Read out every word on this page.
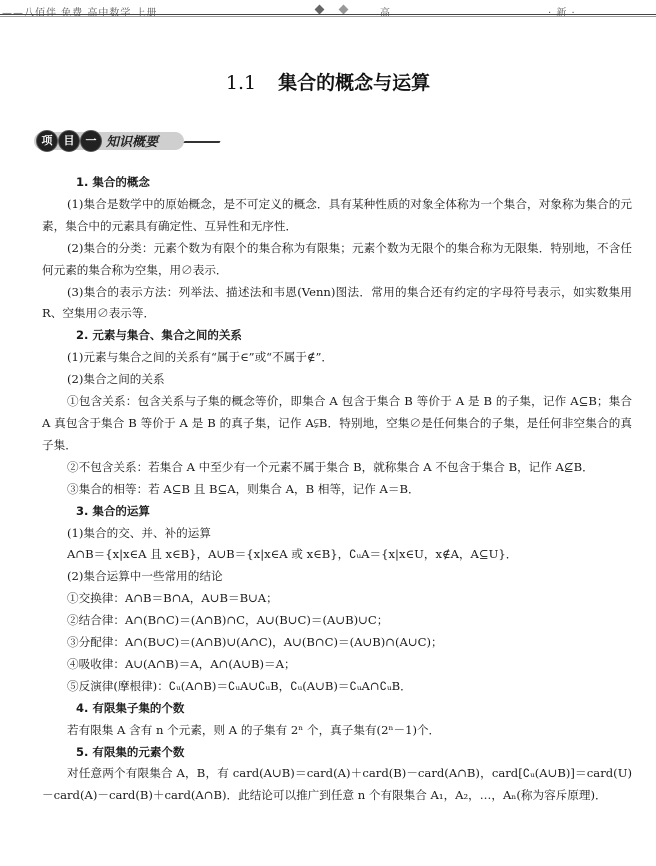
1.1 集合的概念与运算
项	目	一 知识概要

1. 集合的概念

(1)集合是数学中的原始概念，是不可定义的概念．具有某种性质的对象全体称为一个集合，对象称为集合的元素，集合中的元素具有确定性、互异性和无序性．

(2)集合的分类：元素个数为有限个的集合称为有限集；元素个数为无限个的集合称为无限集．特别地，不含任何元素的集合称为空集，用∅表示．

(3)集合的表示方法：列举法、描述法和韦恩(Venn)图法．常用的集合还有约定的字母符号表示，如实数集用 R、空集用∅表示等．

2. 元素与集合、集合之间的关系

(1)元素与集合之间的关系有“属于∈”或“不属于∉”．

(2)集合之间的关系

①包含关系：包含关系与子集的概念等价，即集合 A 包含于集合 B 等价于 A 是 B 的子集，记作 A⊆B；集合 A 真包含于集合 B 等价于 A 是 B 的真子集，记作 A⫋B．特别地，空集∅是任何集合的子集，是任何非空集合的真子集．

②不包含关系：若集合 A 中至少有一个元素不属于集合 B，就称集合 A 不包含于集合 B，记作 A⊈B．

③集合的相等：若 A⊆B 且 B⊆A，则集合 A，B 相等，记作 A＝B．

3. 集合的运算

(1)集合的交、并、补的运算

A∩B＝{x|x∈A 且 x∈B}，A∪B＝{x|x∈A 或 x∈B}，∁ᵤA＝{x|x∈U，x∉A，A⊆U}．

(2)集合运算中一些常用的结论

①交换律：A∩B＝B∩A，A∪B＝B∪A；

②结合律：A∩(B∩C)＝(A∩B)∩C，A∪(B∪C)＝(A∪B)∪C；

③分配律：A∩(B∪C)＝(A∩B)∪(A∩C)，A∪(B∩C)＝(A∪B)∩(A∪C)；

④吸收律：A∪(A∩B)＝A，A∩(A∪B)＝A；

⑤反演律(摩根律)：∁ᵤ(A∩B)＝∁ᵤA∪∁ᵤB，∁ᵤ(A∪B)＝∁ᵤA∩∁ᵤB．

4. 有限集子集的个数

若有限集 A 含有 n 个元素，则 A 的子集有 2ⁿ 个，真子集有(2ⁿ－1)个．

5. 有限集的元素个数

对任意两个有限集合 A，B，有 card(A∪B)＝card(A)＋card(B)－card(A∩B)，card[∁ᵤ(A∪B)]＝card(U)－card(A)－card(B)＋card(A∩B)．此结论可以推广到任意 n 个有限集合 A₁，A₂，…，Aₙ(称为容斥原理)．
